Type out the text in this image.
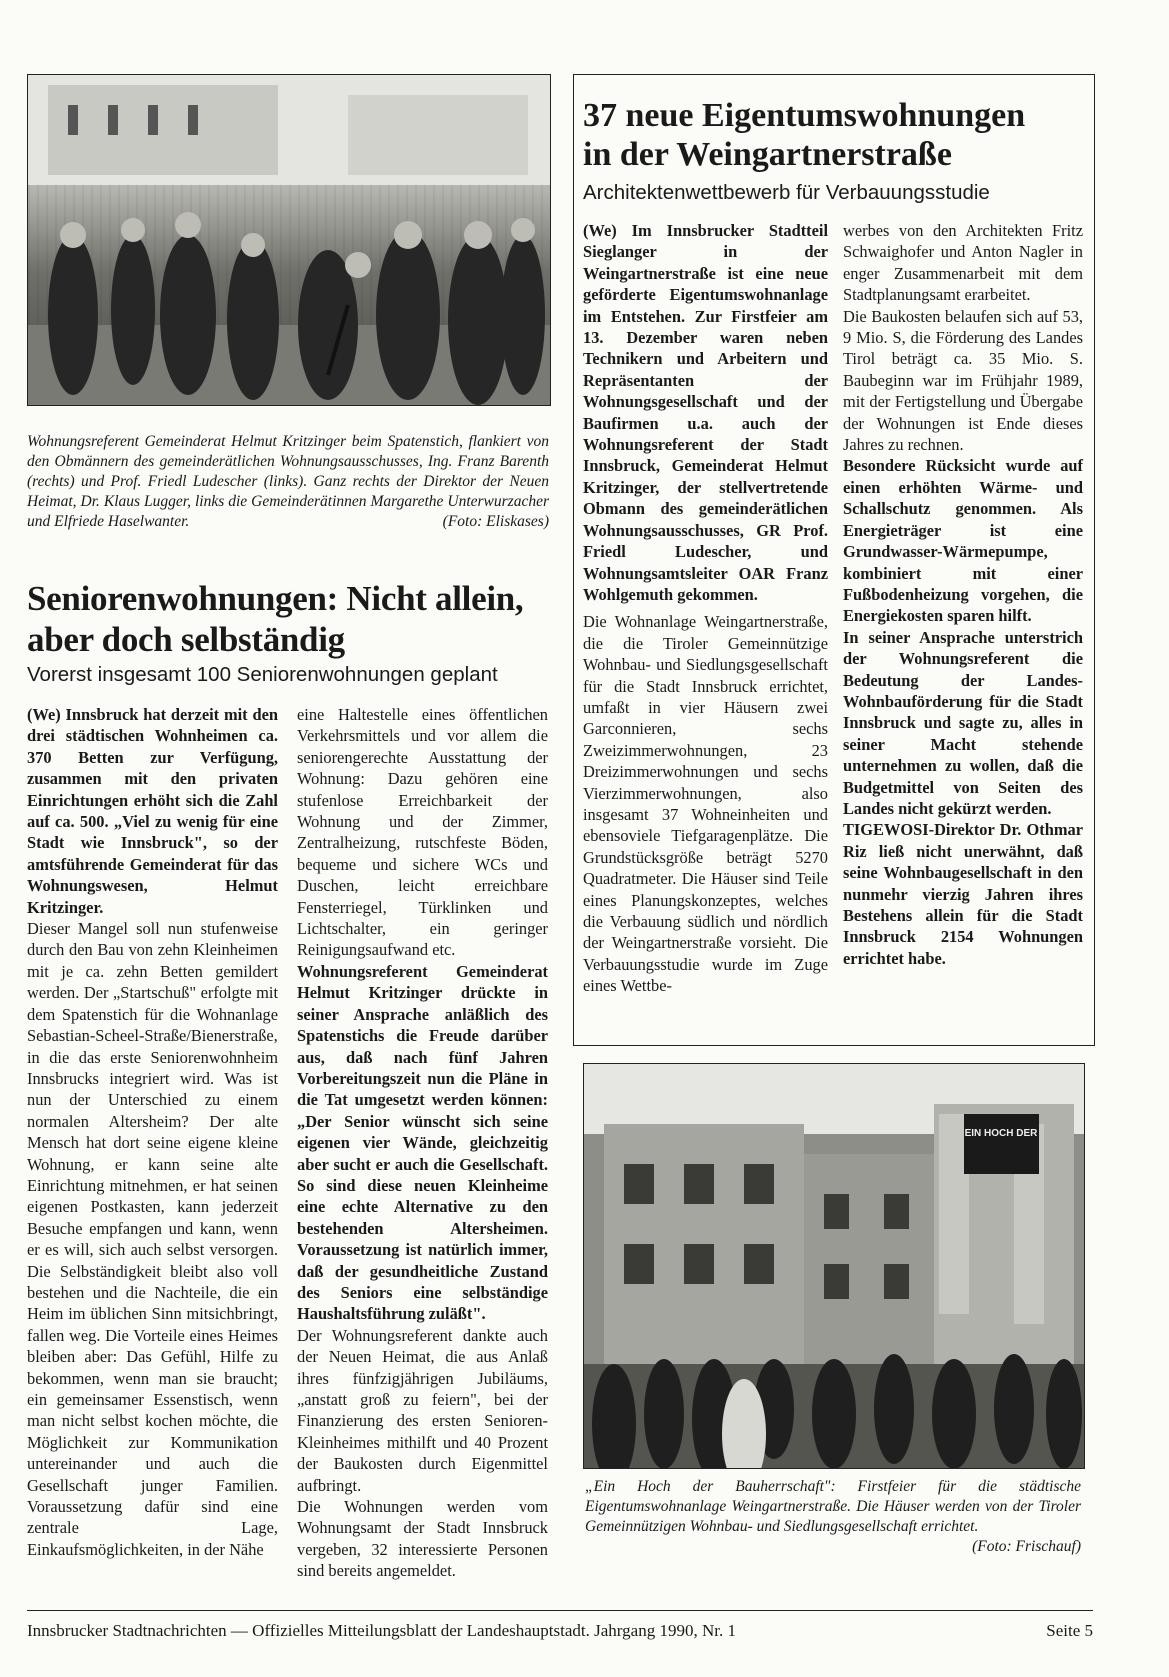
Wohnungsreferent Gemeinderat Helmut Kritzinger beim Spatenstich, flankiert von den Obmännern des gemeinderätlichen Wohnungsausschusses, Ing. Franz Barenth (rechts) und Prof. Friedl Ludescher (links). Ganz rechts der Direktor der Neuen Heimat, Dr. Klaus Lugger, links die Gemeinderätinnen Margarethe Unterwurzacher und Elfriede Haselwanter.	(Foto: Eliskases)
Seniorenwohnungen: Nicht allein, aber doch selbständig
Vorerst insgesamt 100 Seniorenwohnungen geplant

(We) Innsbruck hat derzeit mit den drei städtischen Wohnheimen ca. 370 Betten zur Verfügung, zusammen mit den privaten Einrichtungen erhöht sich die Zahl auf ca. 500. „Viel zu wenig für eine Stadt wie Innsbruck", so der amtsführende Gemeinderat für das Wohnungswesen, Helmut Kritzinger.

Dieser Mangel soll nun stufenweise durch den Bau von zehn Kleinheimen mit je ca. zehn Betten gemildert werden. Der „Startschuß" erfolgte mit dem Spatenstich für die Wohnanlage Sebastian-Scheel-Straße/Bienerstraße, in die das erste Seniorenwohnheim Innsbrucks integriert wird. Was ist nun der Unterschied zu einem normalen Altersheim? Der alte Mensch hat dort seine eigene kleine Wohnung, er kann seine alte Einrichtung mitnehmen, er hat seinen eigenen Postkasten, kann jederzeit Besuche empfangen und kann, wenn er es will, sich auch selbst versorgen. Die Selbständigkeit bleibt also voll bestehen und die Nachteile, die ein Heim im üblichen Sinn mitsichbringt, fallen weg. Die Vorteile eines Heimes bleiben aber: Das Gefühl, Hilfe zu bekommen, wenn man sie braucht; ein gemeinsamer Essenstisch, wenn man nicht selbst kochen möchte, die Möglichkeit zur Kommunikation untereinander und auch die Gesellschaft junger Familien. Voraussetzung dafür sind eine zentrale Lage, Einkaufsmöglichkeiten, in der Nähe

eine Haltestelle eines öffentlichen Verkehrsmittels und vor allem die seniorengerechte Ausstattung der Wohnung: Dazu gehören eine stufenlose Erreichbarkeit der Wohnung und der Zimmer, Zentralheizung, rutschfeste Böden, bequeme und sichere WCs und Duschen, leicht erreichbare Fensterriegel, Türklinken und Lichtschalter, ein geringer Reinigungsaufwand etc.

Wohnungsreferent Gemeinderat Helmut Kritzinger drückte in seiner Ansprache anläßlich des Spatenstichs die Freude darüber aus, daß nach fünf Jahren Vorbereitungszeit nun die Pläne in die Tat umgesetzt werden können: „Der Senior wünscht sich seine eigenen vier Wände, gleichzeitig aber sucht er auch die Gesellschaft. So sind diese neuen Kleinheime eine echte Alternative zu den bestehenden Altersheimen. Voraussetzung ist natürlich immer, daß der gesundheitliche Zustand des Seniors eine selbständige Haushaltsführung zuläßt".

Der Wohnungsreferent dankte auch der Neuen Heimat, die aus Anlaß ihres fünfzigjährigen Jubiläums, „anstatt groß zu feiern", bei der Finanzierung des ersten Senioren-Kleinheimes mithilft und 40 Prozent der Baukosten durch Eigenmittel aufbringt.

Die Wohnungen werden vom Wohnungsamt der Stadt Innsbruck vergeben, 32 interessierte Personen sind bereits angemeldet.

37 neue Eigentumswohnungen
in der Weingartnerstraße
Architektenwettbewerb für Verbauungsstudie

(We) Im Innsbrucker Stadtteil Sieglanger in der Weingartnerstraße ist eine neue geförderte Eigentumswohnanlage im Entstehen. Zur Firstfeier am 13. Dezember waren neben Technikern und Arbeitern und Repräsentanten der Wohnungsgesellschaft und der Baufirmen u.a. auch der Wohnungsreferent der Stadt Innsbruck, Gemeinderat Helmut Kritzinger, der stellvertretende Obmann des gemeinderätlichen Wohnungsausschusses, GR Prof. Friedl Ludescher, und Wohnungsamtsleiter OAR Franz Wohlgemuth gekommen.

Die Wohnanlage Weingartnerstraße, die die Tiroler Gemeinnützige Wohnbau- und Siedlungsgesellschaft für die Stadt Innsbruck errichtet, umfaßt in vier Häusern zwei Garconnieren, sechs Zweizimmerwohnungen, 23 Dreizimmerwohnungen und sechs Vierzimmerwohnungen, also insgesamt 37 Wohneinheiten und ebensoviele Tiefgaragenplätze. Die Grundstücksgröße beträgt 5270 Quadratmeter. Die Häuser sind Teile eines Planungskonzeptes, welches die Verbauung südlich und nördlich der Weingartnerstraße vorsieht. Die Verbauungsstudie wurde im Zuge eines Wettbe-

werbes von den Architekten Fritz Schwaighofer und Anton Nagler in enger Zusammenarbeit mit dem Stadtplanungsamt erarbeitet.

Die Baukosten belaufen sich auf 53, 9 Mio. S, die Förderung des Landes Tirol beträgt ca. 35 Mio. S. Baubeginn war im Frühjahr 1989, mit der Fertigstellung und Übergabe der Wohnungen ist Ende dieses Jahres zu rechnen.

Besondere Rücksicht wurde auf einen erhöhten Wärme- und Schallschutz genommen. Als Energieträger ist eine Grundwasser-Wärmepumpe, kombiniert mit einer Fußbodenheizung vorgehen, die Energiekosten sparen hilft.

In seiner Ansprache unterstrich der Wohnungsreferent die Bedeutung der Landes-Wohnbauförderung für die Stadt Innsbruck und sagte zu, alles in seiner Macht stehende unternehmen zu wollen, daß die Budgetmittel von Seiten des Landes nicht gekürzt werden.

TIGEWOSI-Direktor Dr. Othmar Riz ließ nicht unerwähnt, daß seine Wohnbaugesellschaft in den nunmehr vierzig Jahren ihres Bestehens allein für die Stadt Innsbruck 2154 Wohnungen errichtet habe.

EIN HOCH DER
„Ein Hoch der Bauherrschaft": Firstfeier für die städtische Eigentumswohnanlage Weingartnerstraße. Die Häuser werden von der Tiroler Gemeinnützigen Wohnbau- und Siedlungsgesellschaft errichtet.
(Foto: Frischauf)
Innsbrucker Stadtnachrichten — Offizielles Mitteilungsblatt der Landeshauptstadt. Jahrgang 1990, Nr. 1	Seite 5
